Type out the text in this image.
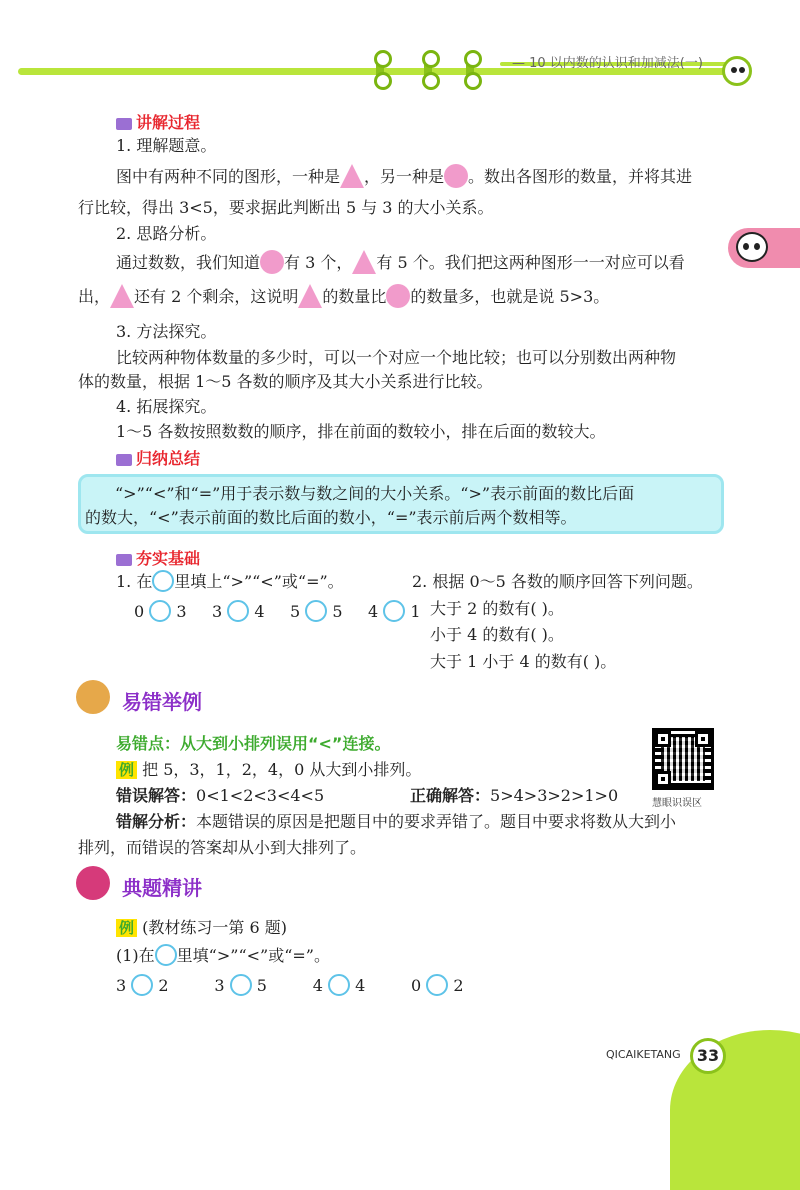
— 10 以内数的认识和加减法(一)
讲解过程
1. 理解题意。
图中有两种不同的图形，一种是 ，另一种是 。数出各图形的数量，并将其进
行比较，得出 3<5，要求据此判断出 5 与 3 的大小关系。
2. 思路分析。
通过数数，我们知道 有 3 个， 有 5 个。我们把这两种图形一一对应可以看
出， 还有 2 个剩余，这说明 的数量比 的数量多，也就是说 5>3。
3. 方法探究。
比较两种物体数量的多少时，可以一个对应一个地比较；也可以分别数出两种物
体的数量，根据 1～5 各数的顺序及其大小关系进行比较。
4. 拓展探究。
1～5 各数按照数数的顺序，排在前面的数较小，排在后面的数较大。
归纳总结
“>”“<”和“=”用于表示数与数之间的大小关系。“>”表示前面的数比后面
的数大，“<”表示前面的数比后面的数小，“=”表示前后两个数相等。
夯实基础
1. 在 里填上“>”“<”或“=”。
0 3 3 4 5 5 4 1
2. 根据 0～5 各数的顺序回答下列问题。
大于 2 的数有( )。
小于 4 的数有( )。
大于 1 小于 4 的数有( )。
易错举例
易错点：从大到小排列误用“<”连接。
例 把 5，3，1，2，4，0 从大到小排列。
错误解答：0<1<2<3<4<5	正确解答：5>4>3>2>1>0
错解分析：本题错误的原因是把题目中的要求弄错了。题目中要求将数从大到小
排列，而错误的答案却从小到大排列了。
慧眼识误区
典题精讲
例 (教材练习一第 6 题)
(1)在 里填“>”“<”或“=”。
3 2	3 5	4 4	0 2
QICAIKETANG	33
